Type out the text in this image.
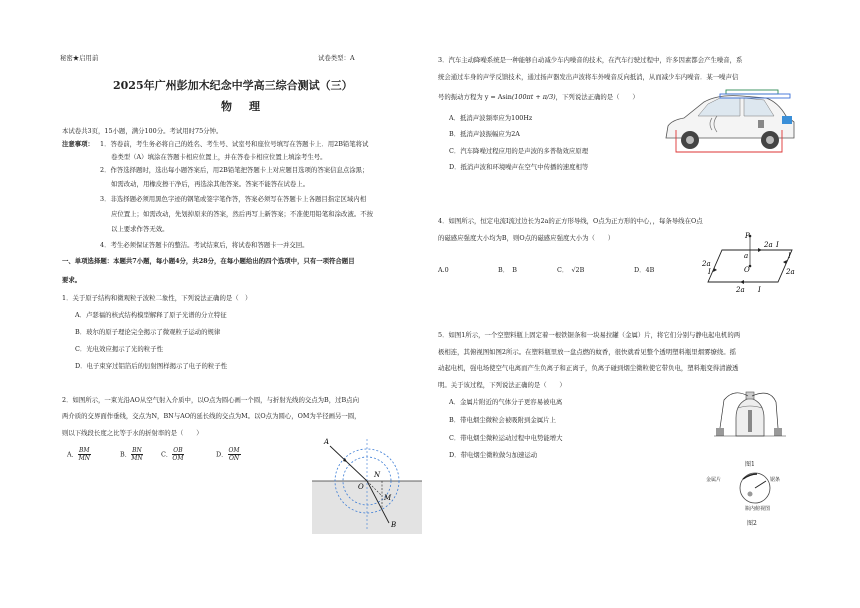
秘密★启用前	试卷类型：A
2025年广州彭加木纪念中学高三综合测试（三）
物　理
本试卷共3页，15小题，满分100分。考试用时75分钟。
注意事项： 1．答卷前，考生务必将自己的姓名、考生号、试室号和座位号填写在答题卡上．用2B铅笔将试
卷类型（A）填涂在答题卡相应位置上，并在答卷卡相应位置上填涂考生号。
2．作答选择题时，选出每小题答案后，用2B铅笔把答题卡上对应题目选项的答案信息点涂黑；
如需改动，用橡皮擦干净后，再选涂其他答案。答案不能答在试卷上。
3．非选择题必须用黑色字迹的钢笔或签字笔作答，答案必须写在答题卡上各题目指定区域内相
应位置上；如需改动，先划掉原来的答案，然后再写上新答案；不准使用铅笔和涂改液。不按
以上要求作答无效。
4．考生必须保证答题卡的整洁。考试结束后，将试卷和答题卡一并交回。
一、单项选择题：本题共7小题，每小题4分，共28分，在每小题给出的四个选项中，只有一项符合题目
要求。
1．关于原子结构和微观粒子波粒二象性，下列说法正确的是（　）
A．卢瑟福的核式结构模型解释了原子光谱的分立特征
B．玻尔的原子理论完全揭示了微观粒子运动的规律
C．光电效应揭示了光的粒子性
D．电子束穿过铝箔后的衍射图样揭示了电子的粒子性
2．如图所示，一束光沿AO从空气射入介质中，以O点为圆心画一个圆，与折射光线的交点为B，过B点向
两介质的交界面作垂线，交点为N，BN与AO的延长线的交点为M。以O点为圆心，OM为半径画另一圆，
则以下线段长度之比等于水的折射率的是（　　）
A． $\frac{BM}{MN}$	B． $\frac{BN}{MN}$	C． $\frac{OB}{OM}$	D． $\frac{OM}{ON}$
A
N
O
M
B
3．汽车主动降噪系统是一种能够自动减少车内噪音的技术，在汽车行驶过程中，许多因素都会产生噪音，系
统会通过车身的声学反馈技术，通过扬声器发出声波将车外噪音反向抵消，从而减少车内噪音．某一噪声信
号的振动方程为 y = Asin(100πt + π/3)，下列说法正确的是（　　）
A．抵消声波频率应为100Hz
B．抵消声波振幅应为2A
C．汽车降噪过程应用的是声波的多普勒效应原理
D．抵消声波和环境噪声在空气中传播的速度相等
4．如图所示，恒定电流I流过边长为2a的正方形导线，O点为正方形的中心，，每条导线在O点
的磁感应强度大小均为B，则O点的磁感应强度大小为（　　）
A.0	B．　B	C．　√2B	D．4B
P
a
O
2a
2a
2a
2a
I
I
I
I
5．如图1所示，一个空塑料瓶上固定着一根铁锯条和一块易拉罐（金属）片，将它们分别与静电起电机的两
极相连，其俯视图如图2所示。在塑料瓶里放一盘点燃的蚊香，很快就看见整个透明塑料瓶里烟雾缭绕。摇
动起电机，强电场使空气电离而产生负离子和正离子，负离子碰到烟尘微粒使它带负电，塑料瓶变得清澈透
明。关于该过程，下列说法正确的是（　　）
A．金属片附近的气体分子更容易被电离
B．带电烟尘微粒会被吸附到金属片上
C．带电烟尘微粒运动过程中电势能增大
D．带电烟尘微粒做匀加速运动
图1
金属片	锯条
瓶内俯视图
图2
